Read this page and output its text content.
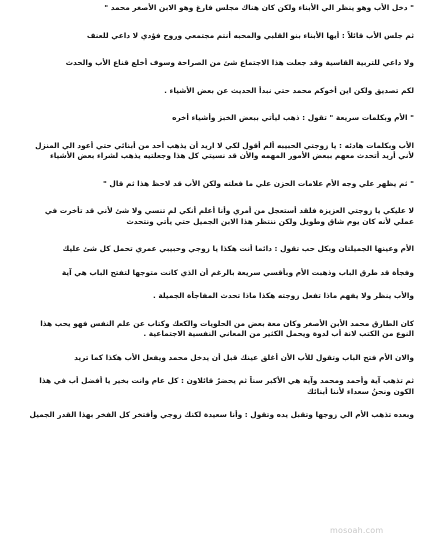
" دخل الأب وهو ينظر الي الأبناء ولكن كان هناك مجلس فارغ وهو الابن الأصغر محمد "

ثم جلس الأب قائلاً : أيها الأبناء بنو القلبي والمحبه أنتم مجتمعي وروح فؤدي لا داعي للعنف

ولا داعي للتربية القاسية وقد جعلت هذا الاجتماع شئ من الصراحة وسوف أخلع قناع الأب والحدث

لكم تصديق ولكن اين أخوكم محمد حتي نبدأ الحديث عن بعض الأشياء .

" الأم وبكلمات سريعة " تقول : ذهب ليأتي ببعض الخبز وأشياء أخره

الأب وبكلمات هادئه : يا زوجتي الحبيبه ألم أقول لكي لا اريد أن يذهب أحد من أبنائي حتي أعود الي المنزل
لأني أريد أتحدث معهم ببعض الأمور المهمه والأن قد نسيتي كل هذا وجعلتيه يذهب لشراء بعض الأشياء

" ثم يظهر علي وجه الأم علامات الحزن علي ما فعلته ولكن الأب قد لاحظ هذا ثم قال "

لا عليكي يا زوجتي العزيزة فلقد أستعجل من أمري وأنا أعلم أنكي لم تنسي ولا شئ لأني قد تأخرت في
عملي لأنه كان يوم شاق وطويل ولكن ننتظر هذا الابن الجميل حتي يأتي ونتحدث

الأم وعينها الجميلتان وبكل حب تقول : دائما أنت هكذا يا زوجي وحبيبي عمري تحمل كل شئ عليك

وفجأة قد طرق الباب وذهبت الأم وبأقسي سريعة بالرغم أن الذي كانت متوجها لتفتح الباب هي آية

والأب ينظر ولا يفهم ماذا تفعل زوجته هكذا ماذا تحدث المفاجأة الجميلة .

كان الطارق محمد الأبن الأصغر وكان معة بعض من الحلويات والكعك وكتاب عن علم النفس فهو يحب هذا
النوع من الكتب لانة أب لدوة ويحمل الكثير من المعاني النفسية الاجتماعية .

والان الأم فتح الباب وتقول للأب الأن أغلق عينك قبل أن يدخل محمد ويفعل الأب هكذا كما تريد

ثم تذهب آية وأحمد ومحمد وآية هي الأكبر سناً ثم يحضرُ قائلاون : كل عام وانت بخير يا أفضل أب في هذا
الكون ونحنُ سعداء لأننا أبنائك

وبعده تذهب الأم الي زوجها وتقبل يده وتقول : وأنا سعيدة لكنك زوجي وأفتخر كل الفخر بهذا القدر الجميل

mosoah.com
